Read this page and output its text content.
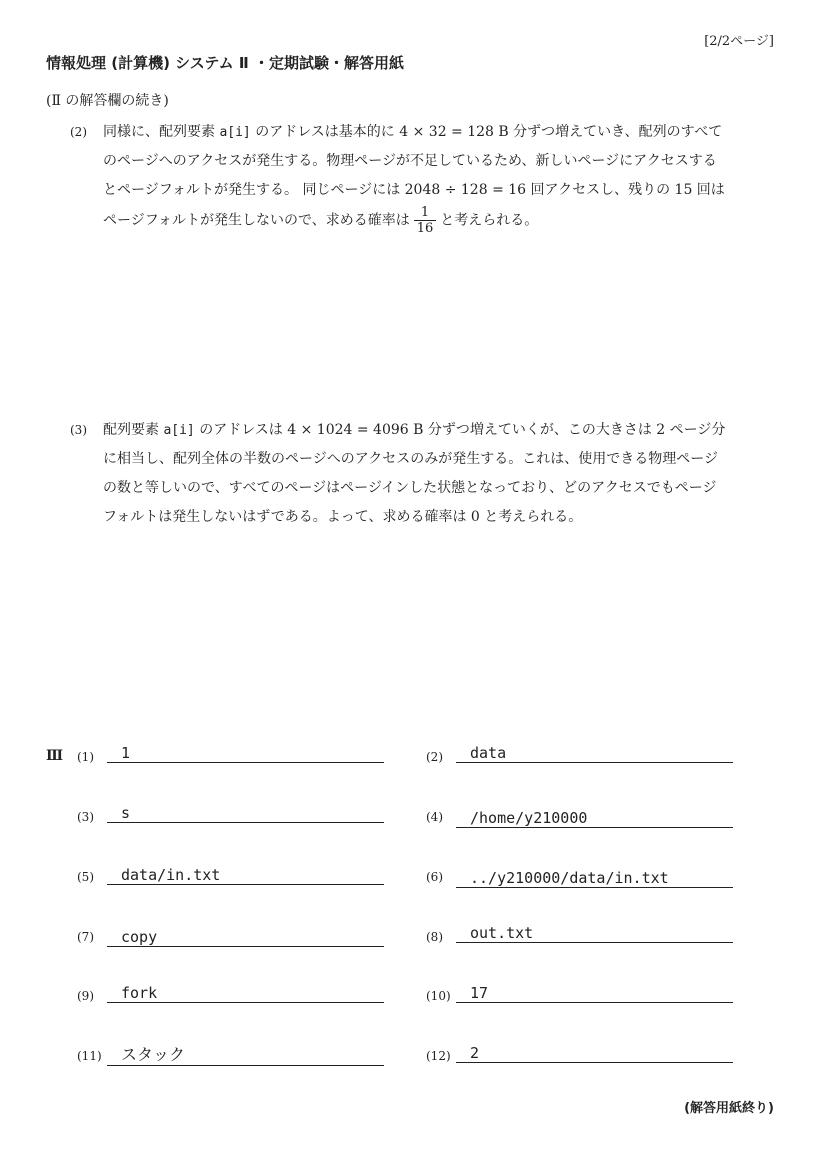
[2/2ページ]
情報処理 (計算機) システム Ⅱ ・定期試験・解答用紙
(Ⅱ の解答欄の続き)
(2) 同様に、配列要素 a[i] のアドレスは基本的に 4 × 32 = 128 B 分ずつ増えていき、配列のすべてのページへのアクセスが発生する。物理ページが不足しているため、新しいページにアクセスするとページフォルトが発生する。 同じページには 2048 ÷ 128 = 16 回アクセスし、残りの 15 回はページフォルトが発生しないので、求める確率は $\frac{1}{16}$ と考えられる。
(3) 配列要素 a[i] のアドレスは 4 × 1024 = 4096 B 分ずつ増えていくが、この大きさは 2 ページ分に相当し、配列全体の半数のページへのアクセスのみが発生する。これは、使用できる物理ページの数と等しいので、すべてのページはページインした状態となっており、どのアクセスでもページフォルトは発生しないはずである。よって、求める確率は 0 と考えられる。
Ⅲ (1) 1	(2) data
(3) s	(4) /home/y210000
(5) data/in.txt	(6) ../y210000/data/in.txt
(7) copy	(8) out.txt
(9) fork	(10) 17
(11) スタック	(12) 2
(解答用紙終り)
